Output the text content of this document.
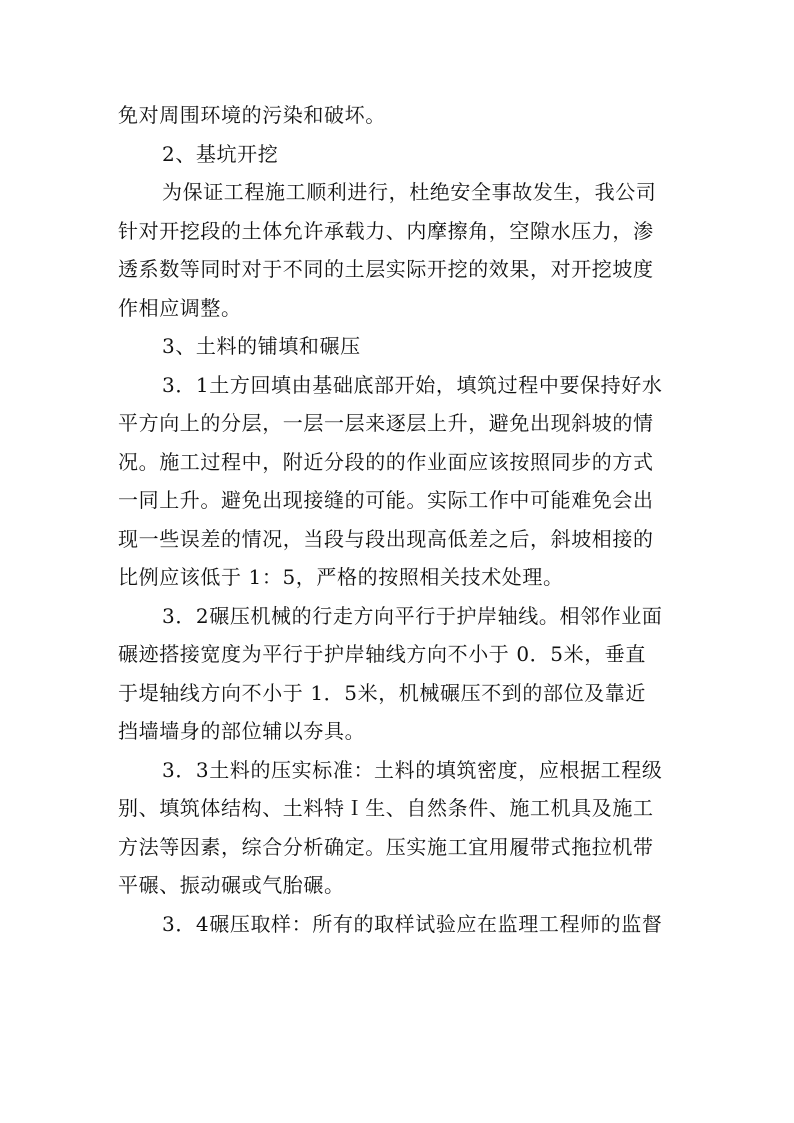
免对周围环境的污染和破坏。
2、基坑开挖
为保证工程施工顺利进行，杜绝安全事故发生，我公司
针对开挖段的土体允许承载力、内摩擦角，空隙水压力，渗
透系数等同时对于不同的土层实际开挖的效果，对开挖坡度
作相应调整。
3、土料的铺填和碾压
3．1土方回填由基础底部开始，填筑过程中要保持好水
平方向上的分层，一层一层来逐层上升，避免出现斜坡的情
况。施工过程中，附近分段的的作业面应该按照同步的方式
一同上升。避免出现接缝的可能。实际工作中可能难免会出
现一些误差的情况，当段与段出现高低差之后，斜坡相接的
比例应该低于 1：5，严格的按照相关技术处理。
3．2碾压机械的行走方向平行于护岸轴线。相邻作业面
碾迹搭接宽度为平行于护岸轴线方向不小于 0．5米，垂直
于堤轴线方向不小于 1．5米，机械碾压不到的部位及靠近
挡墙墙身的部位辅以夯具。
3．3土料的压实标准：土料的填筑密度，应根据工程级
别、填筑体结构、土料特Ｉ生、自然条件、施工机具及施工
方法等因素，综合分析确定。压实施工宜用履带式拖拉机带
平碾、振动碾或气胎碾。
3．4碾压取样：所有的取样试验应在监理工程师的监督
